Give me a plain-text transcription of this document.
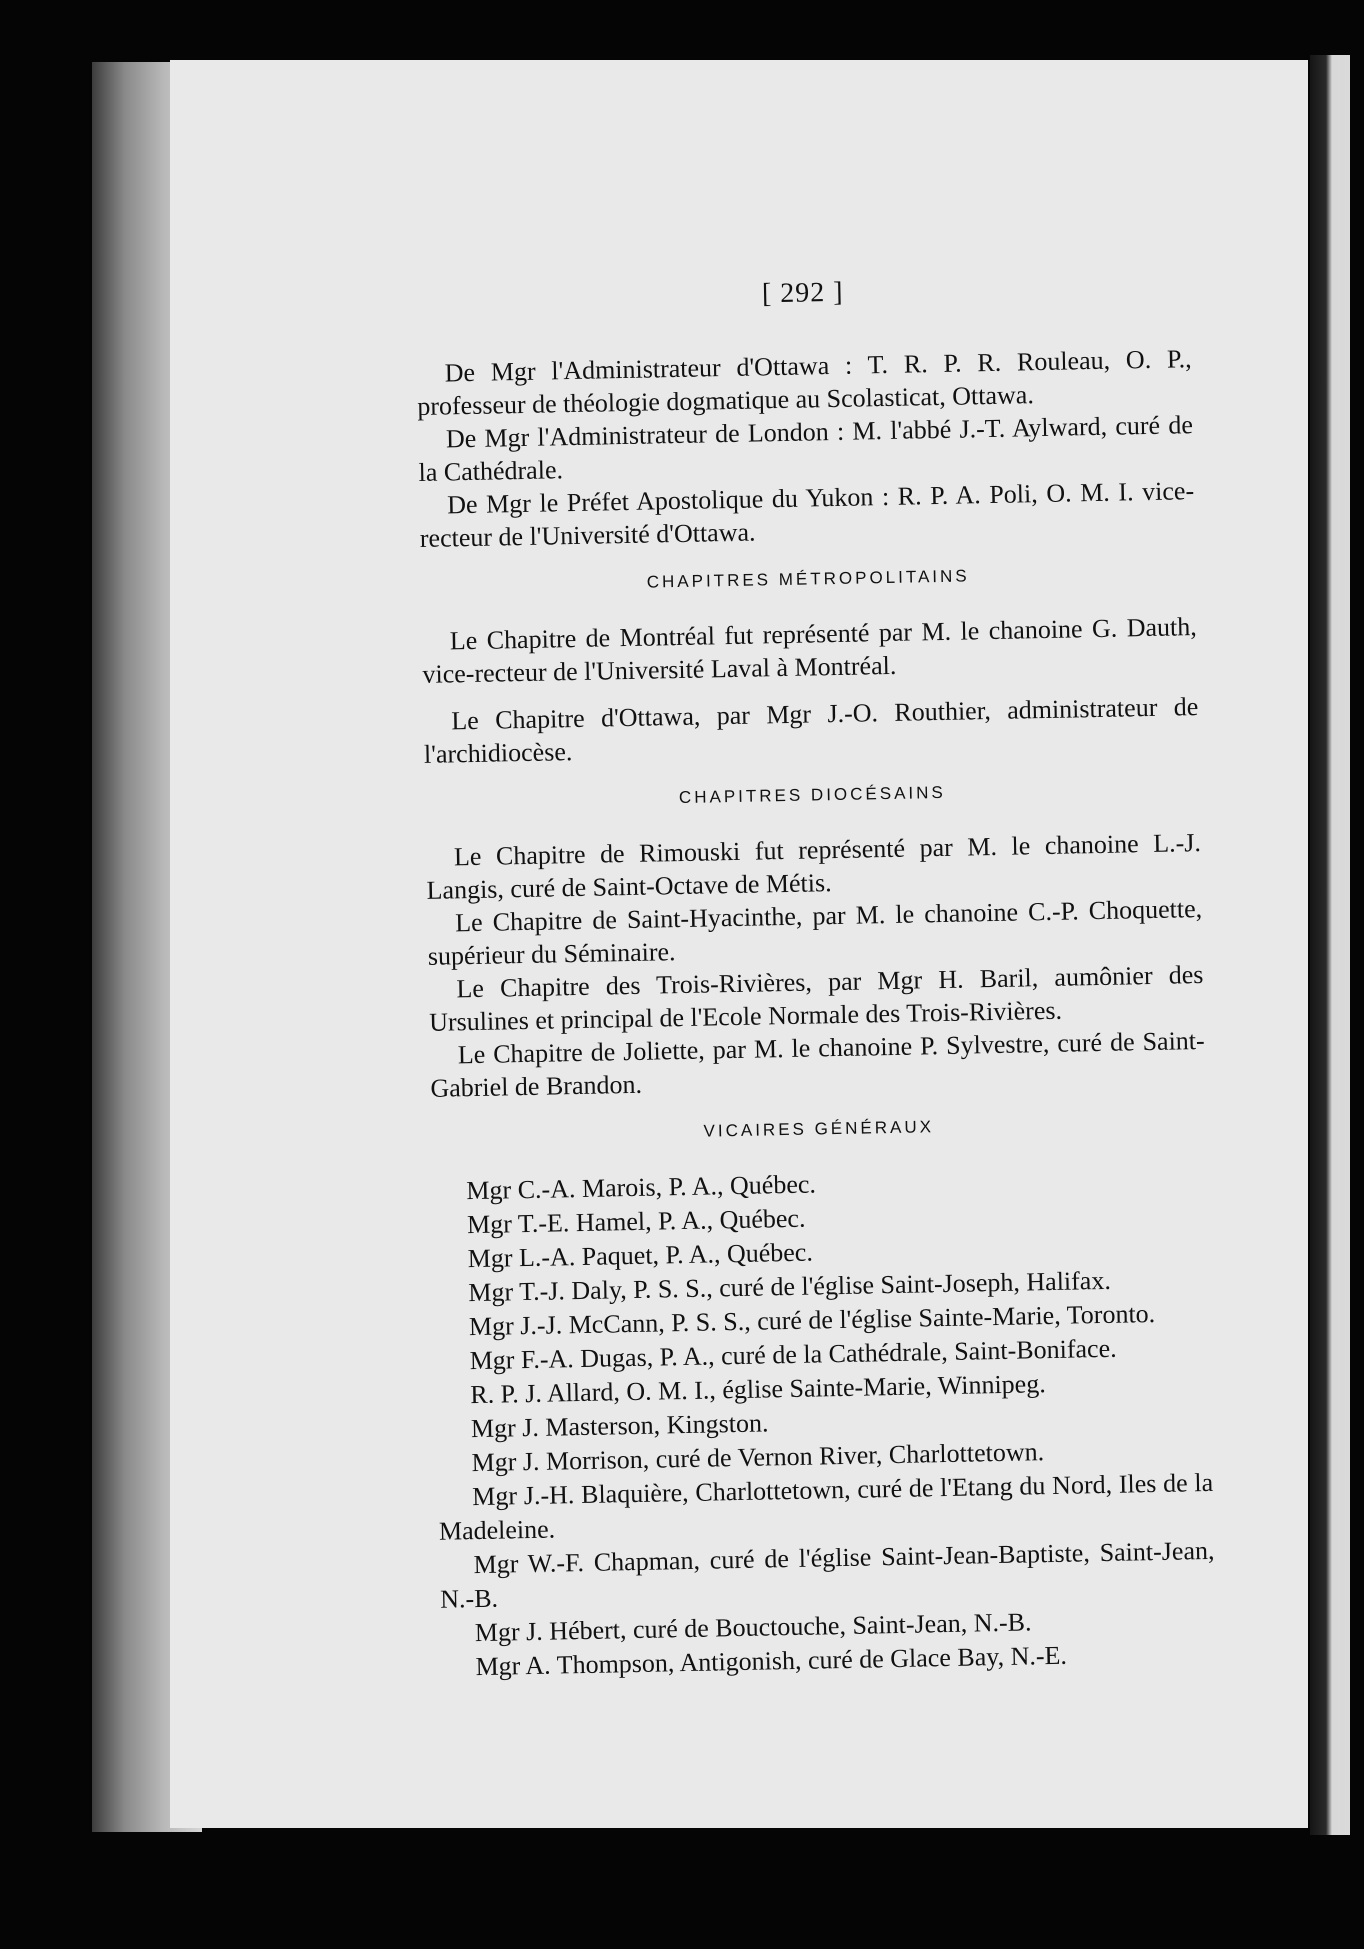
[ 292 ]

De Mgr l'Administrateur d'Ottawa : T. R. P. R. Rouleau, O. P., professeur de théologie dogmatique au Scolasticat, Ottawa.

De Mgr l'Administrateur de London : M. l'abbé J.-T. Aylward, curé de la Cathédrale.

De Mgr le Préfet Apostolique du Yukon : R. P. A. Poli, O. M. I. vice-recteur de l'Université d'Ottawa.

CHAPITRES MÉTROPOLITAINS

Le Chapitre de Montréal fut représenté par M. le chanoine G. Dauth, vice-recteur de l'Université Laval à Montréal.

Le Chapitre d'Ottawa, par Mgr J.-O. Routhier, administrateur de l'archidiocèse.

CHAPITRES DIOCÉSAINS

Le Chapitre de Rimouski fut représenté par M. le chanoine L.-J. Langis, curé de Saint-Octave de Métis.

Le Chapitre de Saint-Hyacinthe, par M. le chanoine C.-P. Choquette, supérieur du Séminaire.

Le Chapitre des Trois-Rivières, par Mgr H. Baril, aumônier des Ursulines et principal de l'Ecole Normale des Trois-Rivières.

Le Chapitre de Joliette, par M. le chanoine P. Sylvestre, curé de Saint-Gabriel de Brandon.

VICAIRES GÉNÉRAUX

Mgr C.-A. Marois, P. A., Québec.

Mgr T.-E. Hamel, P. A., Québec.

Mgr L.-A. Paquet, P. A., Québec.

Mgr T.-J. Daly, P. S. S., curé de l'église Saint-Joseph, Halifax.

Mgr J.-J. McCann, P. S. S., curé de l'église Sainte-Marie, Toronto.

Mgr F.-A. Dugas, P. A., curé de la Cathédrale, Saint-Boniface.

R. P. J. Allard, O. M. I., église Sainte-Marie, Winnipeg.

Mgr J. Masterson, Kingston.

Mgr J. Morrison, curé de Vernon River, Charlottetown.

Mgr J.-H. Blaquière, Charlottetown, curé de l'Etang du Nord, Iles de la Madeleine.

Mgr W.-F. Chapman, curé de l'église Saint-Jean-Baptiste, Saint-Jean, N.-B.

Mgr J. Hébert, curé de Bouctouche, Saint-Jean, N.-B.

Mgr A. Thompson, Antigonish, curé de Glace Bay, N.-E.
